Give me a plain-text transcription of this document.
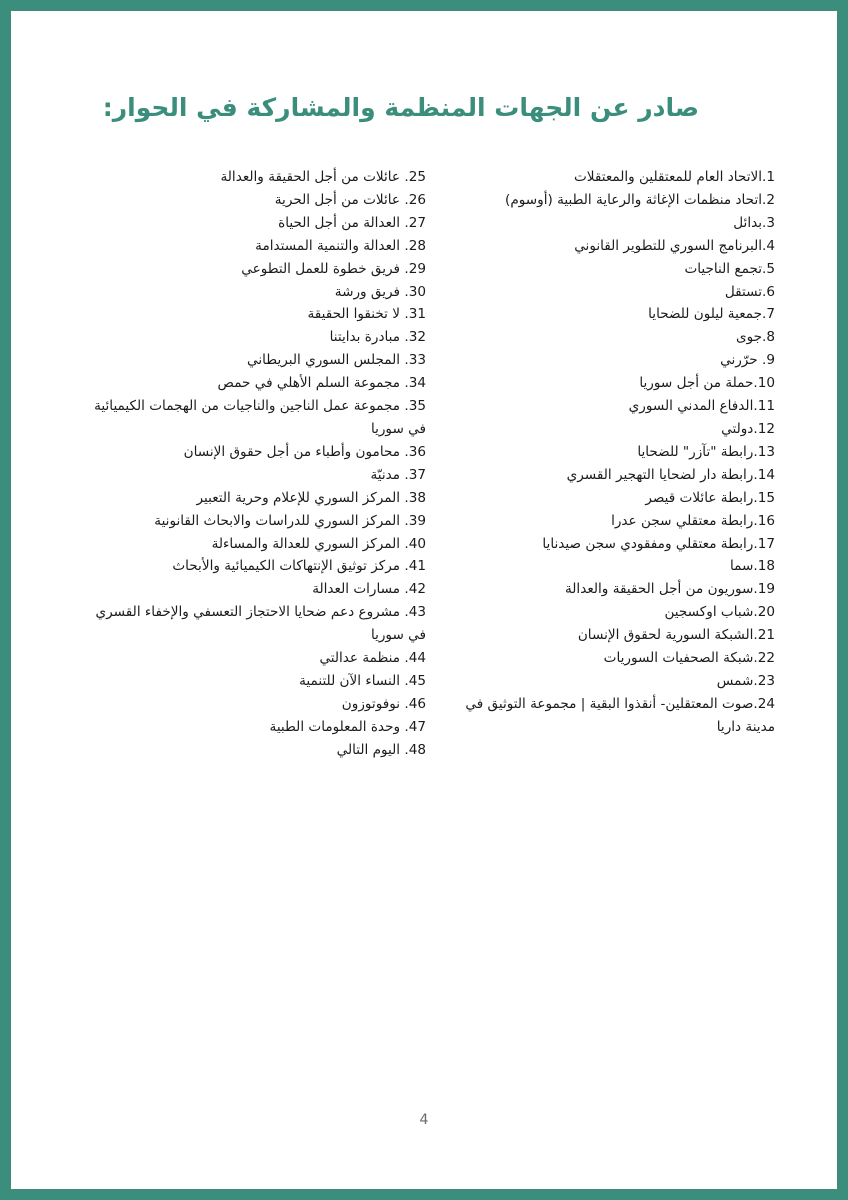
صادر عن الجهات المنظمة والمشاركة في الحوار:
1.الاتحاد العام للمعتقلين والمعتقلات
2.اتحاد منظمات الإغاثة والرعاية الطبية (أوسوم)
3.بدائل
4.البرنامج السوري للتطوير القانوني
5.تجمع الناجيات
6.تستقل
7.جمعية ليلون للضحايا
8.جوى
9. حرّرني
10.حملة من أجل سوريا
11.الدفاع المدني السوري
12.دولتي
13.رابطة "تآزر" للضحايا
14.رابطة دار لضحايا التهجير القسري
15.رابطة عائلات قيصر
16.رابطة معتقلي سجن عدرا
17.رابطة معتقلي ومفقودي سجن صيدنايا
18.سما
19.سوريون من أجل الحقيقة والعدالة
20.شباب اوكسجين
21.الشبكة السورية لحقوق الإنسان
22.شبكة الصحفيات السوريات
23.شمس
24.صوت المعتقلين- أنقذوا البقية | مجموعة التوثيق في مدينة داريا
25. عائلات من أجل الحقيقة والعدالة
26. عائلات من أجل الحرية
27. العدالة من أجل الحياة
28. العدالة والتنمية المستدامة
29. فريق خطوة للعمل التطوعي
30. فريق ورشة
31. لا تخنقوا الحقيقة
32. مبادرة بدايتنا
33. المجلس السوري البريطاني
34. مجموعة السلم الأهلي في حمص
35. مجموعة عمل الناجين والناجيات من الهجمات الكيميائية في سوريا
36. محامون وأطباء من أجل حقوق الإنسان
37. مدنيّة
38. المركز السوري للإعلام وحرية التعبير
39. المركز السوري للدراسات والابحاث القانونية
40. المركز السوري للعدالة والمساءلة
41. مركز توثيق الإنتهاكات الكيميائية والأبحاث
42. مسارات العدالة
43. مشروع دعم ضحايا الاحتجاز التعسفي والإخفاء القسري في سوريا
44. منظمة عدالتي
45. النساء الآن للتنمية
46. نوفوتوزون
47. وحدة المعلومات الطبية
48. اليوم التالي
4
